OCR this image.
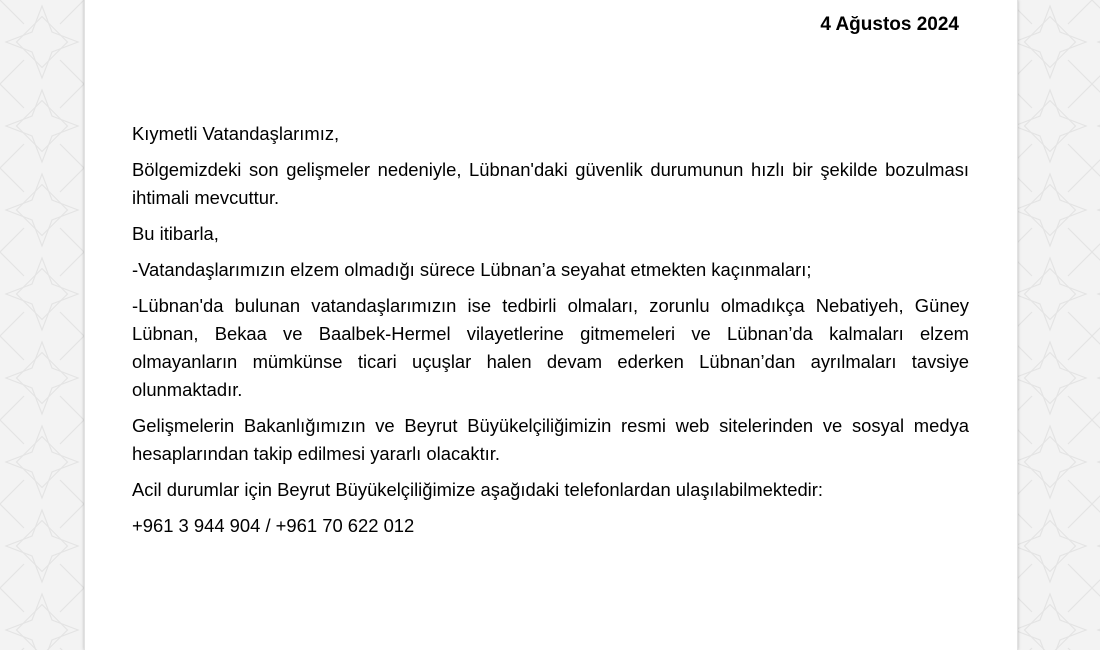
4 Ağustos 2024

Kıymetli Vatandaşlarımız,

Bölgemizdeki son gelişmeler nedeniyle, Lübnan'daki güvenlik durumunun hızlı bir şekilde bozulması ihtimali mevcuttur.

Bu itibarla,

-Vatandaşlarımızın elzem olmadığı sürece Lübnan’a seyahat etmekten kaçınmaları;

-Lübnan'da bulunan vatandaşlarımızın ise tedbirli olmaları, zorunlu olmadıkça Nebatiyeh, Güney Lübnan, Bekaa ve Baalbek-Hermel vilayetlerine gitmemeleri ve Lübnan’da kalmaları elzem olmayanların mümkünse ticari uçuşlar halen devam ederken Lübnan’dan ayrılmaları tavsiye olunmaktadır.

Gelişmelerin Bakanlığımızın ve Beyrut Büyükelçiliğimizin resmi web sitelerinden ve sosyal medya hesaplarından takip edilmesi yararlı olacaktır.

Acil durumlar için Beyrut Büyükelçiliğimize aşağıdaki telefonlardan ulaşılabilmektedir:

+961 3 944 904 / +961 70 622 012
